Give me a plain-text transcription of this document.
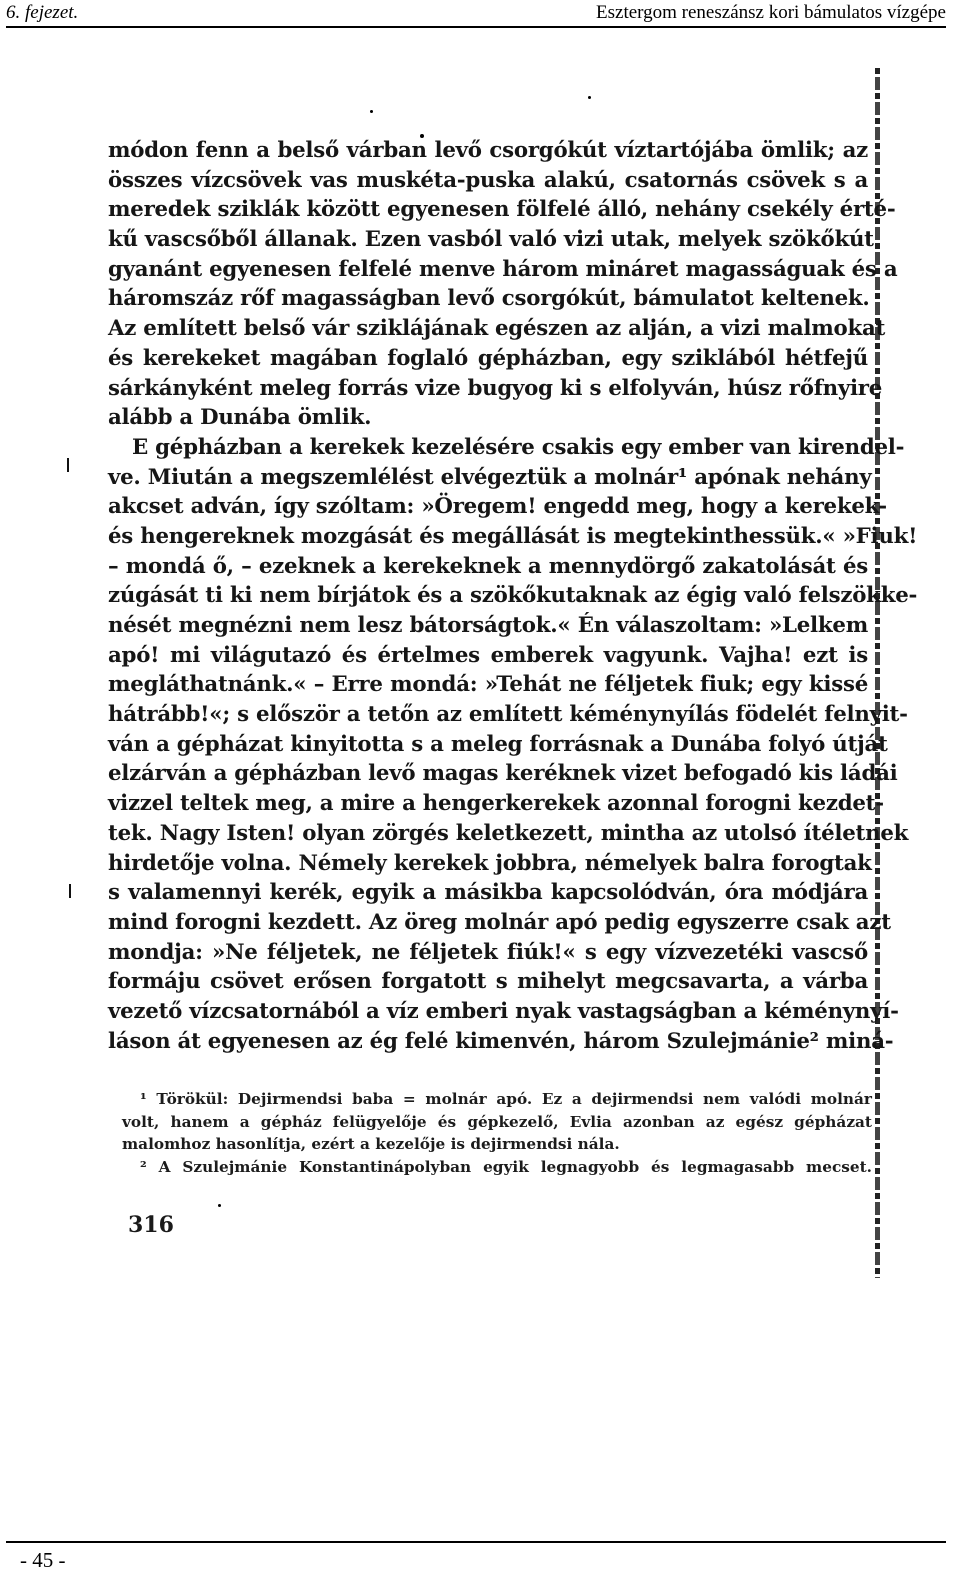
6. fejezet.	Esztergom reneszánsz kori bámulatos vízgépe
módon fenn a belső várban levő csorgókút víztartójába ömlik; az
összes vízcsövek vas muskéta-puska alakú, csatornás csövek s a
meredek sziklák között egyenesen fölfelé álló, nehány csekély érté-
kű vascsőből állanak. Ezen vasból való vizi utak, melyek szökőkút
gyanánt egyenesen felfelé menve három mináret magasságuak és a
háromszáz rőf magasságban levő csorgókút, bámulatot keltenek.
Az említett belső vár sziklájának egészen az alján, a vizi malmokat
és kerekeket magában foglaló gépházban, egy sziklából hétfejű
sárkányként meleg forrás vize bugyog ki s elfolyván, húsz rőfnyire
alább a Dunába ömlik.
E gépházban a kerekek kezelésére csakis egy ember van kirendel-
ve. Miután a megszemlélést elvégeztük a molnár¹ apónak nehány
akcset adván, így szóltam: »Öregem! engedd meg, hogy a kerekek-
és hengereknek mozgását és megállását is megtekinthessük.« »Fiuk!
– mondá ő, – ezeknek a kerekeknek a mennydörgő zakatolását és
zúgását ti ki nem bírjátok és a szökőkutaknak az égig való felszökke-
nését megnézni nem lesz bátorságtok.« Én válaszoltam: »Lelkem
apó! mi világutazó és értelmes emberek vagyunk. Vajha! ezt is
megláthatnánk.« – Erre mondá: »Tehát ne féljetek fiuk; egy kissé
hátrább!«; s először a tetőn az említett kéménynyílás födelét felnyit-
ván a gépházat kinyitotta s a meleg forrásnak a Dunába folyó útját
elzárván a gépházban levő magas keréknek vizet befogadó kis ládái
vizzel teltek meg, a mire a hengerkerekek azonnal forogni kezdet-
tek. Nagy Isten! olyan zörgés keletkezett, mintha az utolsó ítéletnek
hirdetője volna. Némely kerekek jobbra, némelyek balra forogtak
s valamennyi kerék, egyik a másikba kapcsolódván, óra módjára
mind forogni kezdett. Az öreg molnár apó pedig egyszerre csak azt
mondja: »Ne féljetek, ne féljetek fiúk!« s egy vízvezetéki vascső
formáju csövet erősen forgatott s mihelyt megcsavarta, a várba
vezető vízcsatornából a víz emberi nyak vastagságban a kéménynyí-
láson át egyenesen az ég felé kimenvén, három Szulejmánie² miná-
¹ Törökül: Dejirmendsi baba = molnár apó. Ez a dejirmendsi nem valódi molnár
volt, hanem a gépház felügyelője és gépkezelő, Evlia azonban az egész gépházat
malomhoz hasonlítja, ezért a kezelője is dejirmendsi nála.
² A Szulejmánie Konstantinápolyban egyik legnagyobb és legmagasabb mecset.
316
- 45 -
